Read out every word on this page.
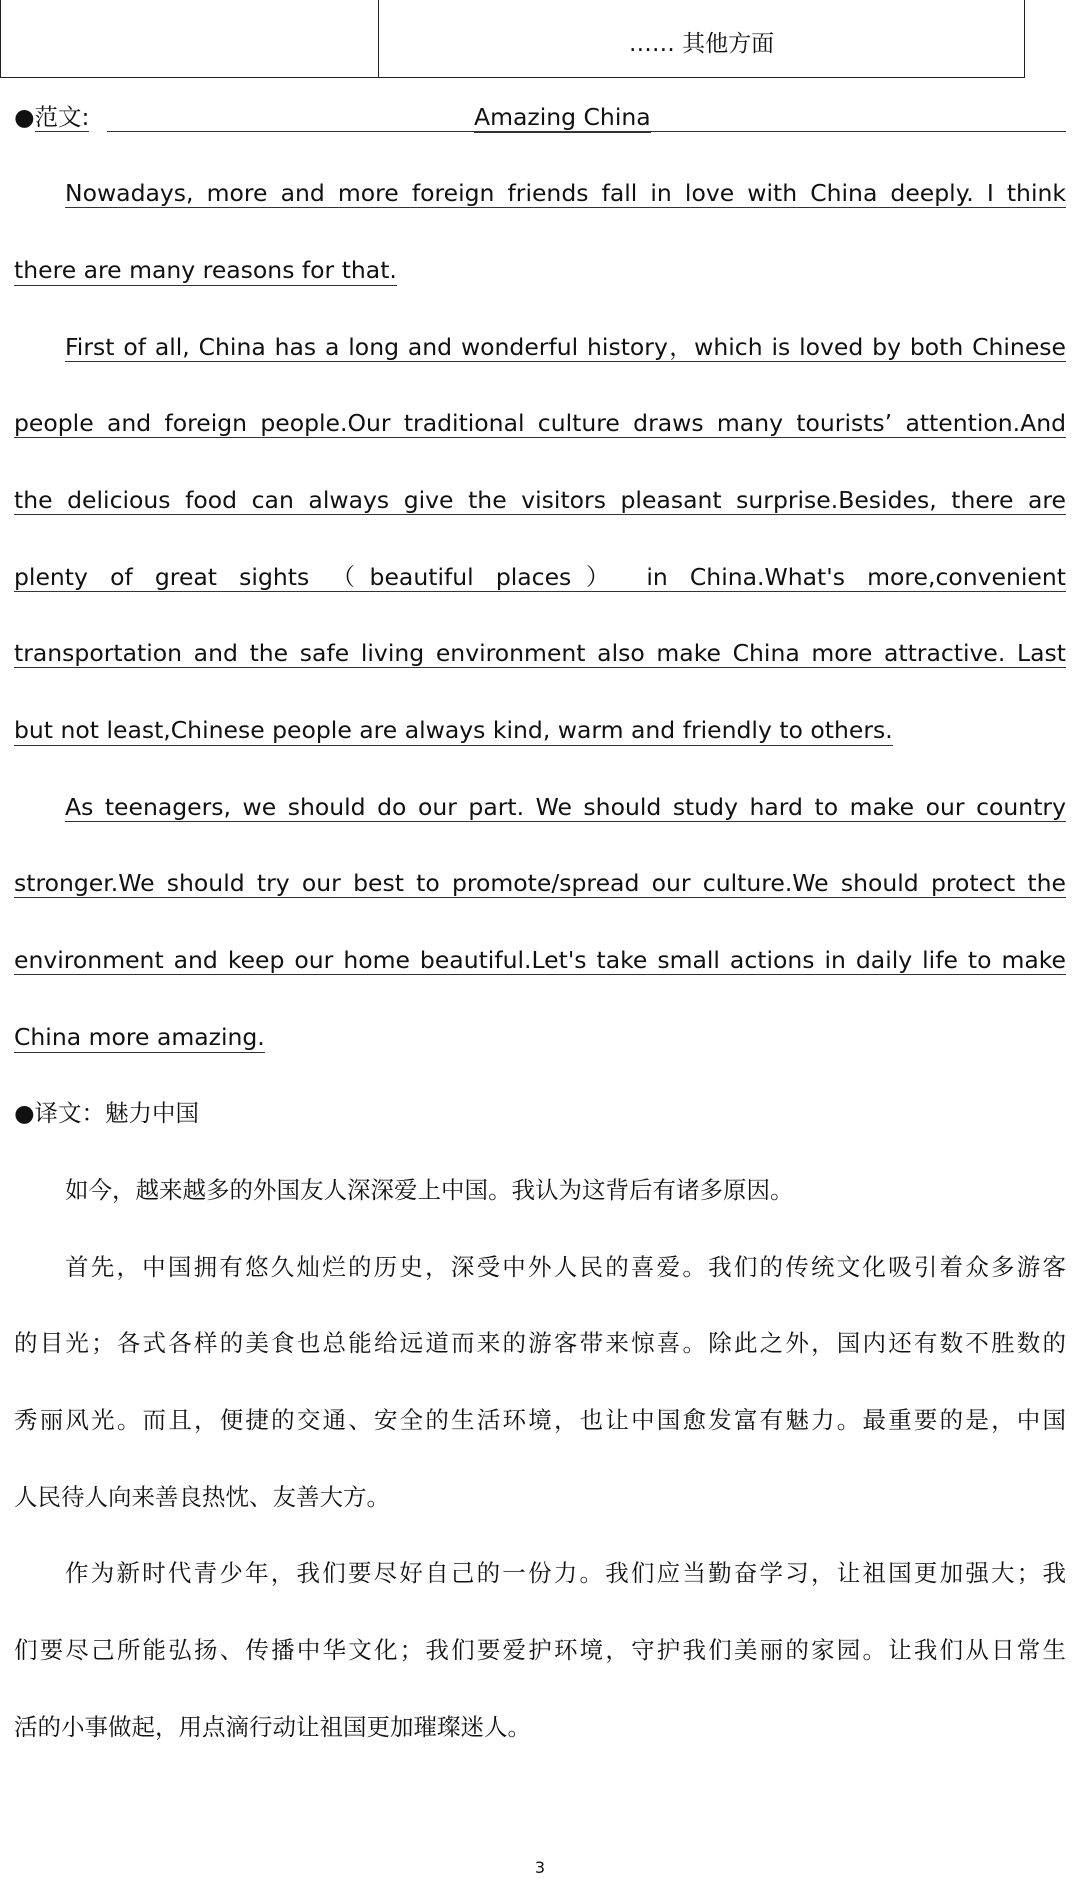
…… 其他方面
●范文:	Amazing China
Nowadays, more and more foreign friends fall in love with China deeply. I think
there are many reasons for that.
First of all, China has a long and wonderful history，which is loved by both Chinese
people and foreign people.Our traditional culture draws many tourists’ attention.And
the delicious food can always give the visitors pleasant surprise.Besides, there are
plenty of great sights （beautiful places） in China.What's more,convenient
transportation and the safe living environment also make China more attractive. Last
but not least,Chinese people are always kind, warm and friendly to others.
As teenagers, we should do our part. We should study hard to make our country
stronger.We should try our best to promote/spread our culture.We should protect the
environment and keep our home beautiful.Let's take small actions in daily life to make
China more amazing.
●译文：魅力中国
如今，越来越多的外国友人深深爱上中国。我认为这背后有诸多原因。
首先，中国拥有悠久灿烂的历史，深受中外人民的喜爱。我们的传统文化吸引着众多游客
的目光；各式各样的美食也总能给远道而来的游客带来惊喜。除此之外，国内还有数不胜数的
秀丽风光。而且，便捷的交通、安全的生活环境，也让中国愈发富有魅力。最重要的是，中国
人民待人向来善良热忱、友善大方。
作为新时代青少年，我们要尽好自己的一份力。我们应当勤奋学习，让祖国更加强大；我
们要尽己所能弘扬、传播中华文化；我们要爱护环境，守护我们美丽的家园。让我们从日常生
活的小事做起，用点滴行动让祖国更加璀璨迷人。
3
